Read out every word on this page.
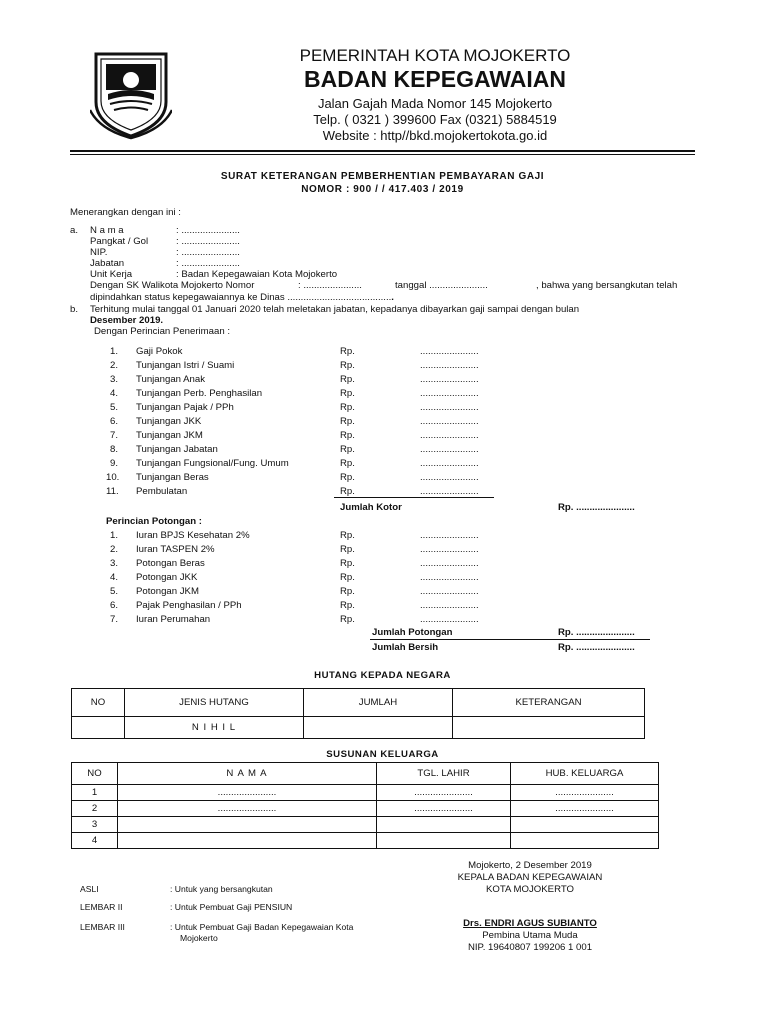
PEMERINTAH KOTA MOJOKERTO
BADAN KEPEGAWAIAN
Jalan Gajah Mada Nomor 145 Mojokerto
Telp. ( 0321 ) 399600 Fax (0321) 5884519
Website : http//bkd.mojokertokota.go.id
SURAT KETERANGAN PEMBERHENTIAN PEMBAYARAN GAJI
NOMOR : 900 / / 417.403 / 2019
Menerangkan dengan ini :
a. N a m a	: ......................
Pangkat / Gol	: ......................
NIP.	: ......................
Jabatan	: ......................
Unit Kerja	: Badan Kepegawaian Kota Mojokerto
Dengan SK Walikota Mojokerto Nomor	: ......................	tanggal ......................	, bahwa yang bersangkutan telah
dipindahkan status kepegawaiannya ke Dinas ........................................
b. Terhitung mulai tanggal 01 Januari 2020 telah meletakan jabatan, kepadanya dibayarkan gaji sampai dengan bulan
Desember 2019.
Dengan Perincian Penerimaan :
1. Gaji Pokok	Rp.	......................
2. Tunjangan Istri / Suami	Rp.	......................
3. Tunjangan Anak	Rp.	......................
4. Tunjangan Perb. Penghasilan	Rp.	......................
5. Tunjangan Pajak / PPh	Rp.	......................
6. Tunjangan JKK	Rp.	......................
7. Tunjangan JKM	Rp.	......................
8. Tunjangan Jabatan	Rp.	......................
9. Tunjangan Fungsional/Fung. Umum	Rp.	......................
10. Tunjangan Beras	Rp.	......................
11. Pembulatan	Rp.	......................
Jumlah Kotor	Rp. ......................
Perincian Potongan :
1. Iuran BPJS Kesehatan 2%	Rp.	......................
2. Iuran TASPEN 2%	Rp.	......................
3. Potongan Beras	Rp.	......................
4. Potongan JKK	Rp.	......................
5. Potongan JKM	Rp.	......................
6. Pajak Penghasilan / PPh	Rp.	......................
7. Iuran Perumahan	Rp.	......................
Jumlah Potongan	Rp. ......................
Jumlah Bersih	Rp. ......................
HUTANG KEPADA NEGARA
NO	JENIS HUTANG	JUMLAH	KETERANGAN
	N I H I L		
SUSUNAN KELUARGA
NO	N A M A	TGL. LAHIR	HUB. KELUARGA
1	......................	......................	......................
2	......................	......................	......................
3			
4			
Mojokerto, 2 Desember 2019
KEPALA BADAN KEPEGAWAIAN
KOTA MOJOKERTO
Drs. ENDRI AGUS SUBIANTO
Pembina Utama Muda
NIP. 19640807 199206 1 001
ASLI	: Untuk yang bersangkutan
LEMBAR II	: Untuk Pembuat Gaji PENSIUN
LEMBAR III	: Untuk Pembuat Gaji Badan Kepegawaian Kota
Mojokerto
